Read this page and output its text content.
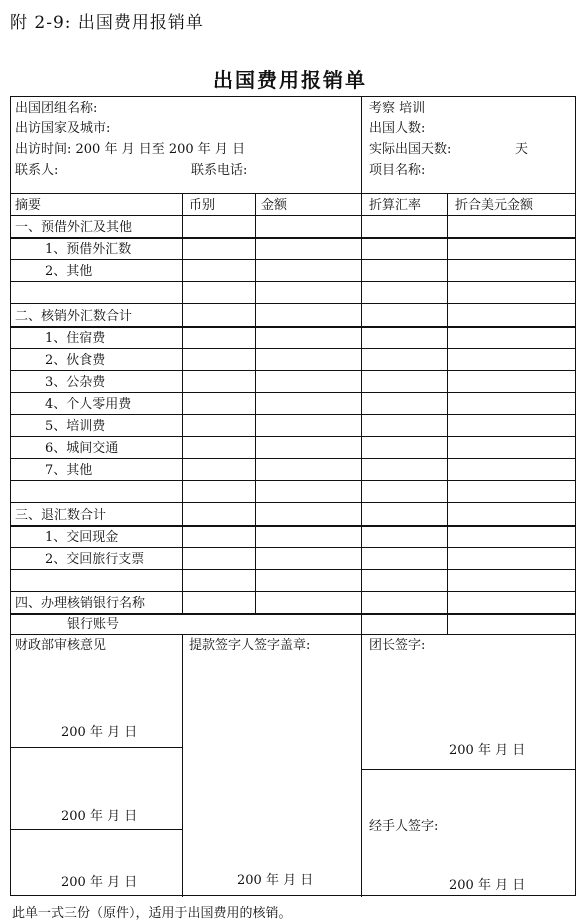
附 2-9: 出国费用报销单
出国费用报销单
出国团组名称:
出访国家及城市:
出访时间: 200 年 月 日至 200 年 月 日
联系人:	联系电话:
考察 培训
出国人数:
实际出国天数:	天
项目名称:
摘要	币别	金额	折算汇率	折合美元金额
一、预借外汇及其他
1、预借外汇数
2、其他
二、核销外汇数合计
1、住宿费
2、伙食费
3、公杂费
4、个人零用费
5、培训费
6、城间交通
7、其他
三、退汇数合计
1、交回现金
2、交回旅行支票
四、办理核销银行名称
银行账号
财政部审核意见
200 年 月 日
200 年 月 日
200 年 月 日
提款签字人签字盖章:
200 年 月 日
团长签字:
200 年 月 日
经手人签字:
200 年 月 日
此单一式三份（原件），适用于出国费用的核销。
